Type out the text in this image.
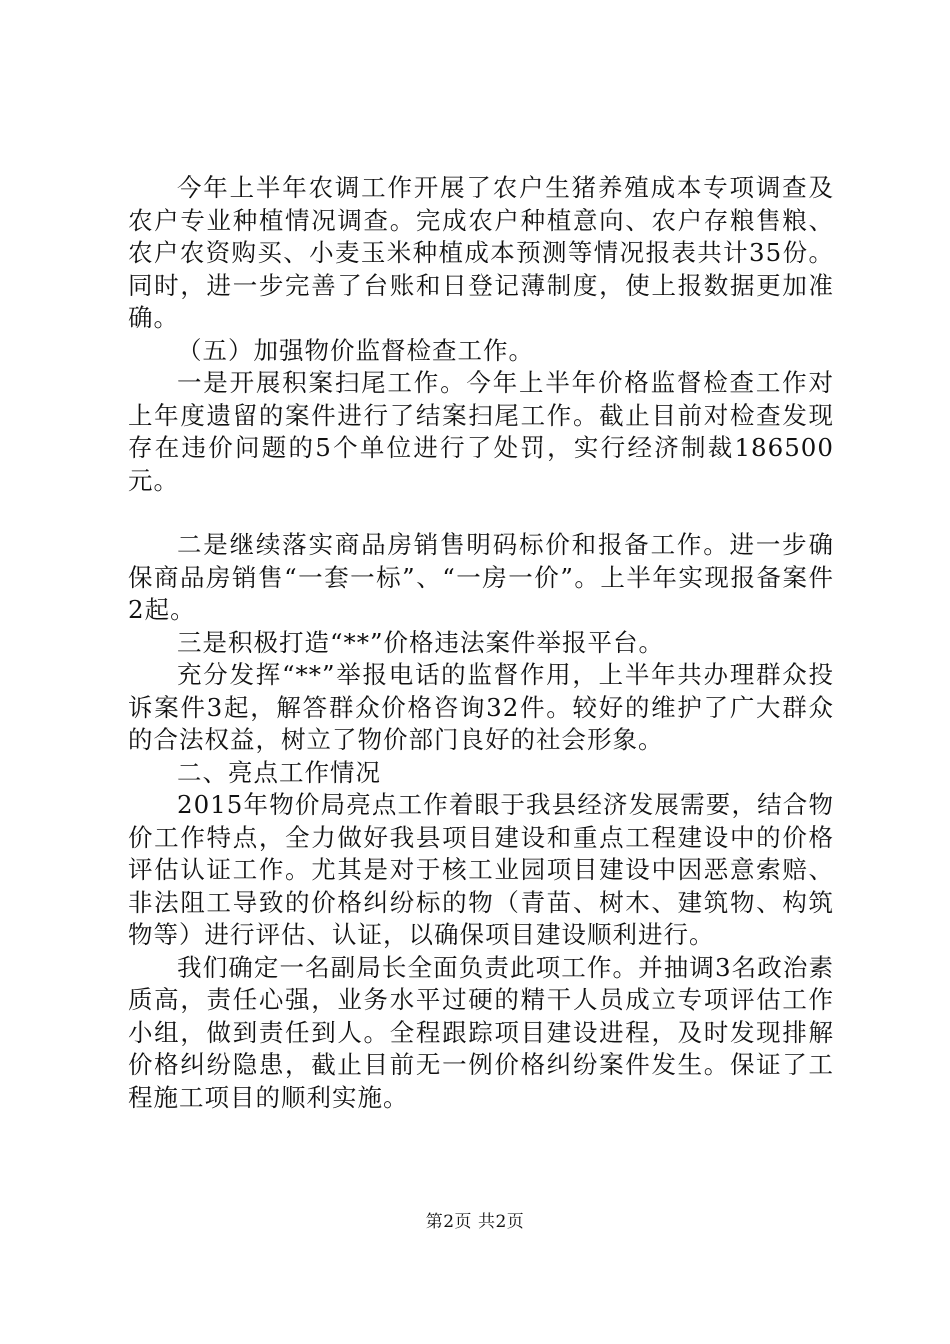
今年上半年农调工作开展了农户生猪养殖成本专项调查及农户专业种植情况调查。完成农户种植意向、农户存粮售粮、农户农资购买、小麦玉米种植成本预测等情况报表共计35份。同时，进一步完善了台账和日登记薄制度，使上报数据更加准确。

（五）加强物价监督检查工作。

一是开展积案扫尾工作。今年上半年价格监督检查工作对上年度遗留的案件进行了结案扫尾工作。截止目前对检查发现存在违价问题的5个单位进行了处罚，实行经济制裁186500元。

二是继续落实商品房销售明码标价和报备工作。进一步确保商品房销售“一套一标”、“一房一价”。上半年实现报备案件2起。

三是积极打造“**”价格违法案件举报平台。

充分发挥“**”举报电话的监督作用，上半年共办理群众投诉案件3起，解答群众价格咨询32件。较好的维护了广大群众的合法权益，树立了物价部门良好的社会形象。

二、亮点工作情况

2015年物价局亮点工作着眼于我县经济发展需要，结合物价工作特点，全力做好我县项目建设和重点工程建设中的价格评估认证工作。尤其是对于核工业园项目建设中因恶意索赔、非法阻工导致的价格纠纷标的物（青苗、树木、建筑物、构筑物等）进行评估、认证，以确保项目建设顺利进行。

我们确定一名副局长全面负责此项工作。并抽调3名政治素质高，责任心强，业务水平过硬的精干人员成立专项评估工作小组，做到责任到人。全程跟踪项目建设进程，及时发现排解价格纠纷隐患，截止目前无一例价格纠纷案件发生。保证了工程施工项目的顺利实施。

第2页 共2页
